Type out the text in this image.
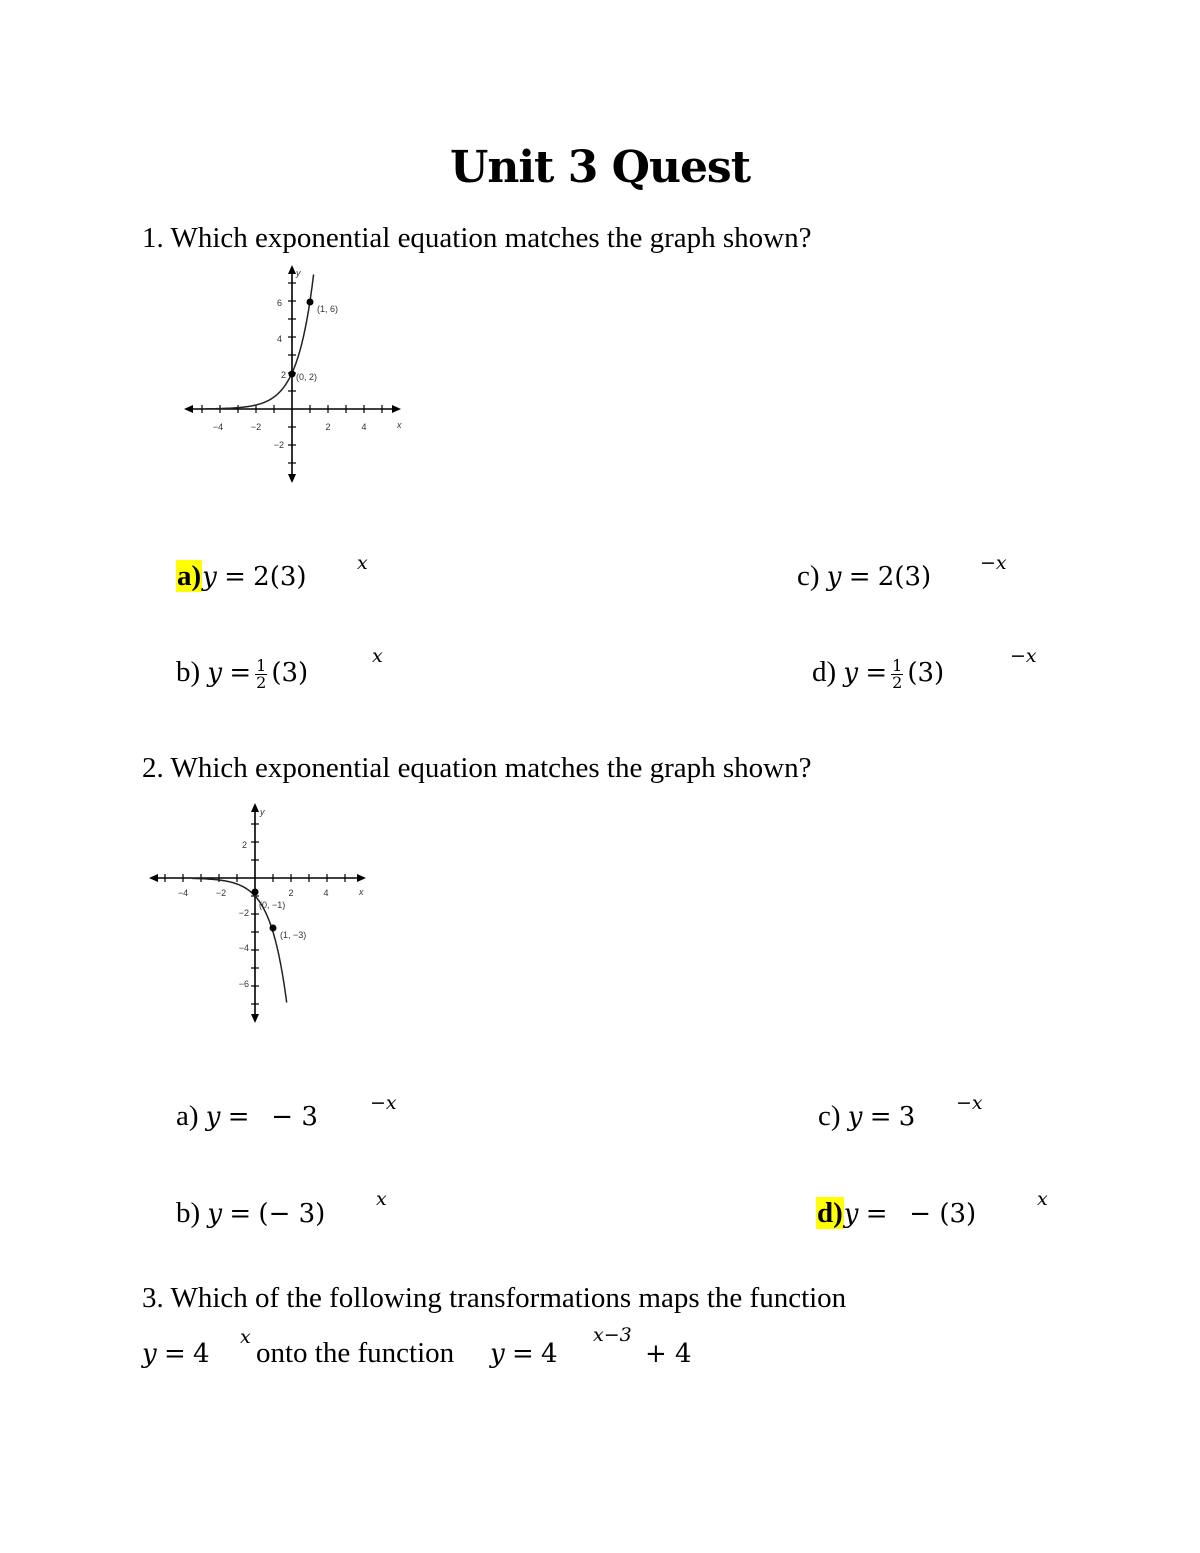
Unit 3 Quest
1. Which exponential equation matches the graph shown?
−4	−2	2	4
6
4
2
−2
x
y
(1, 6)
(0, 2)
a)y = 2(3)	x
b) $y = \frac{1}{2} (3)$
x
c) y = 2(3)	−x
d) $y = \frac{1}{2} (3)$
−x
2. Which exponential equation matches the graph shown?
−4	−2	2	4
2
−2
−4
−6
x
y
(0, −1)
(1, −3)
a) y = − 3	−x
b) y = (− 3)	x
c) y = 3 −x
d)y = − (3)	x
3. Which of the following transformations maps the function
y = 4
x onto the function y = 4
x−3
+ 4
